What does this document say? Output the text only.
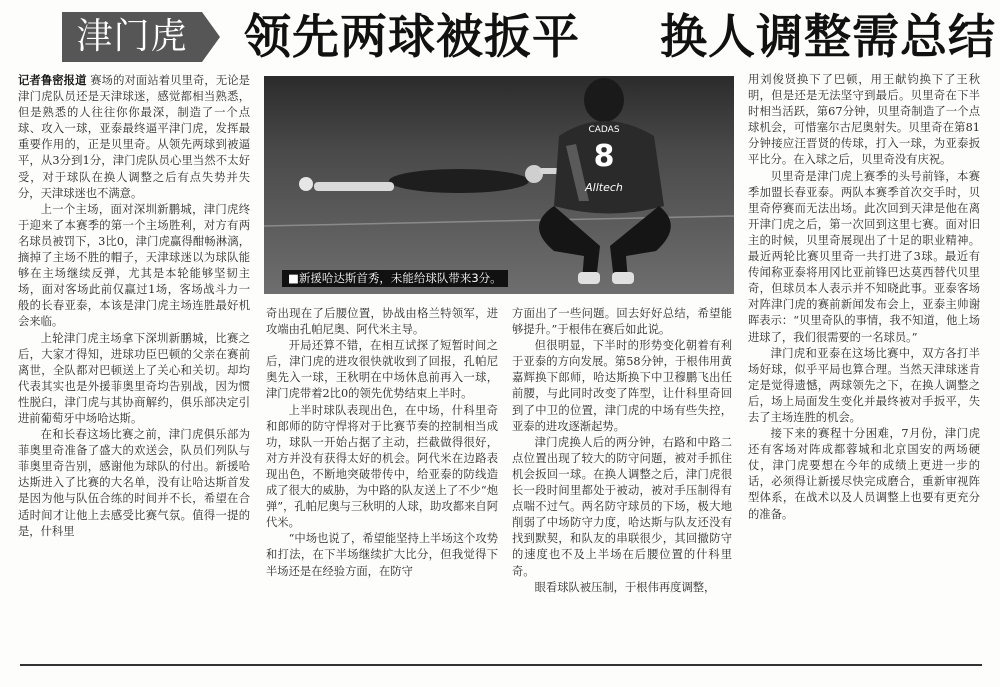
津门虎	领先两球被扳平 换人调整需总结

记者鲁密报道 赛场的对面站着贝里奇，无论是津门虎队员还是天津球迷，感觉都相当熟悉，但是熟悉的人往往你你最深，制造了一个点球、攻入一球，亚泰最终逼平津门虎，发挥最重要作用的，正是贝里奇。从领先两球到被逼平，从3分到1分，津门虎队员心里当然不太好受，对于球队在换人调整之后有点失势并失分，天津球迷也不满意。

上一个主场，面对深圳新鹏城，津门虎终于迎来了本赛季的第一个主场胜利，对方有两名球员被罚下，3比0，津门虎赢得酣畅淋漓，摘掉了主场不胜的帽子，天津球迷以为球队能够在主场继续反弹，尤其是本轮能够坚韧主场，面对客场此前仅赢过1场，客场战斗力一般的长春亚泰，本该是津门虎主场连胜最好机会来临。

上轮津门虎主场拿下深圳新鹏城，比赛之后，大家才得知，进球功臣巴顿的父亲在赛前离世，全队都对巴顿送上了关心和关切。却均代表其实也是外援菲奥里奇均告别战，因为惯性脱臼，津门虎与其协商解约，俱乐部决定引进前葡萄牙中场哈达斯。

在和长春这场比赛之前，津门虎俱乐部为菲奥里奇准备了盛大的欢送会，队员们列队与菲奥里奇告别，感谢他为球队的付出。新援哈达斯进入了比赛的大名单，没有让哈达斯首发是因为他与队伍合练的时间并不长，希望在合适时间才让他上去感受比赛气氛。值得一提的是，什科里

CADAS
8
Alltech
■新援哈达斯首秀，未能给球队带来3分。

奇出现在了后腰位置，协战由格兰特领军，进攻端由孔帕尼奥、阿代米主导。

开局还算不错，在相互试探了短暂时间之后，津门虎的进攻很快就收到了回报，孔帕尼奥先入一球，王秋明在中场休息前再入一球，津门虎带着2比0的领先优势结束上半时。

上半时球队表现出色，在中场，什科里奇和郎师的防守悍将对于比赛节奏的控制相当成功，球队一开始占据了主动，拦截做得很好，对方并没有获得太好的机会。阿代米在边路表现出色，不断地突破带传中，给亚泰的防线造成了很大的威胁，为中路的队友送上了不少“炮弹”，孔帕尼奥与三秋明的人球，助攻都来自阿代米。

“中场也说了，希望能坚持上半场这个攻势和打法，在下半场继续扩大比分，但我觉得下半场还是在经验方面，在防守

方面出了一些问题。回去好好总结，希望能够提升。”于根伟在赛后如此说。

但很明显，下半时的形势变化朝着有利于亚泰的方向发展。第58分钟，于根伟用黄嘉辉换下郎师，哈达斯换下中卫穆鹏飞出任前腰，与此同时改变了阵型，让什科里奇回到了中卫的位置，津门虎的中场有些失控，亚泰的进攻逐渐起势。

津门虎换人后的两分钟，右路和中路二点位置出现了较大的防守问题，被对手抓住机会扳回一球。在换人调整之后，津门虎很长一段时间里都处于被动，被对手压制得有点喘不过气。两名防守球员的下场，极大地削弱了中场防守力度，哈达斯与队友还没有找到默契，和队友的串联很少，其回撤防守的速度也不及上半场在后腰位置的什科里奇。

眼看球队被压制，于根伟再度调整，

用刘俊贤换下了巴顿，用王献钧换下了王秋明，但是还是无法坚守到最后。贝里奇在下半时相当活跃，第67分钟，贝里奇制造了一个点球机会，可惜塞尔古尼奥射失。贝里奇在第81分钟接应汪晋贤的传球，打入一球，为亚泰扳平比分。在入球之后，贝里奇没有庆祝。

贝里奇是津门虎上赛季的头号前锋，本赛季加盟长春亚泰。两队本赛季首次交手时，贝里奇停赛而无法出场。此次回到天津是他在离开津门虎之后，第一次回到这里七赛。面对旧主的时候，贝里奇展现出了十足的职业精神。最近两轮比赛贝里奇一共打进了3球。最近有传闻称亚泰将用冈比亚前锋巴达莫西替代贝里奇，但球员本人表示并不知晓此事。亚泰客场对阵津门虎的赛前新闻发布会上，亚泰主帅谢晖表示：“贝里奇队的事情，我不知道，他上场进球了，我们很需要的一名球员。”

津门虎和亚泰在这场比赛中，双方各打半场好球，似乎平局也算合理。当然天津球迷肯定是觉得遗憾，两球领先之下，在换人调整之后，场上局面发生变化并最终被对手扳平，失去了主场连胜的机会。

接下来的赛程十分困难，7月份，津门虎还有客场对阵成都蓉城和北京国安的两场硬仗，津门虎要想在今年的成绩上更进一步的话，必须得让新援尽快完成磨合，重新审视阵型体系，在战术以及人员调整上也要有更充分的准备。
